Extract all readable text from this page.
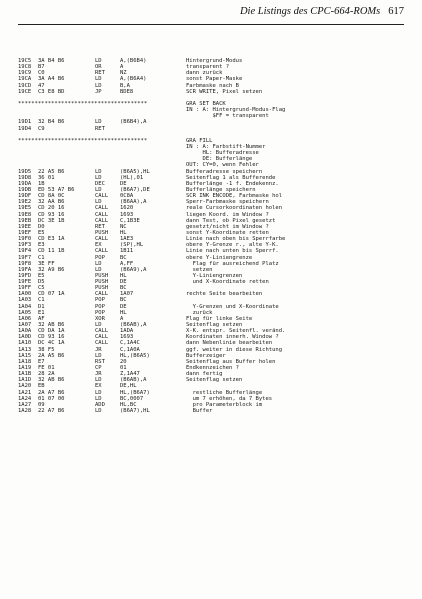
Die Listings des CPC-664-ROMs 617
19C5 3A B4 B6	LD	A,(B6B4)	Hintergrund-Modus
19C8 B7	OR	A	transparent ?
19C9 C0	RET	NZ	dann zurück
19CA 3A A4 B6	LD	A,(B6A4)	sonst Paper-Maske
19CD 47	LD	B,A	Farbmaske nach B
19CE C3 E8 BD	JP	BDE8	SCR WRITE, Pixel setzen
***************************************	GRA SET BACK
IN : A: Hintergrund-Modus-Flag
$FF = transparent
19D1 32 B4 B6	LD	(B6B4),A
19D4 C9	RET
***************************************	GRA FILL
IN : A: Farbstift-Nummer
HL: Bufferadresse
DE: Bufferlänge
OUT: CY=0, wenn Fehler
19D5 22 A5 B6	LD	(B6A5),HL	Bufferadresse speichern
19D8 36 01	LD	(HL),01	Seitenflag 1 als Bufferende
19DA 1B	DEC	DE	Bufferlänge -1 f. Endekennz.
19DB ED 53 A7 B6	LD	(B6A7),DE	Bufferlänge speichern
19DF CD 8A 0C	CALL 0C8A	SCR INK ENCODE, Farbmaske hol
19E2 32 AA B6	LD	(B6AA),A	Sperr-Farbmaske speichern
19E5 CD 20 16	CALL 1620	reale Cursorkoordinaten holen
19E8 CD 93 16	CALL 1693	liegen Koord. im Window ?
19EB DC 3E 1B	CALL C,1B3E	dann Test, ob Pixel gesetzt
19EE D0	RET	NC	gesetzt/nicht im Window ?
19EF E5	PUSH HL	sonst Y-Koordinate retten
19F0 CD E3 1A	CALL 1AE3	Linie nach oben bis Sperrfarbe
19F3 E3	EX	(SP),HL	obere Y-Grenze r., alte Y-K.
19F4 CD 11 1B	CALL 1B11	Linie nach unten bis Sperrf.
19F7 C1	POP	BC	obere Y-Liniengrenze
19F8 3E FF	LD	A,FF	Flag für ausreichend Platz
19FA 32 A9 B6	LD	(B6A9),A	setzen
19FD E5	PUSH HL	Y-Liniengrenzen
19FE D5	PUSH DE	und X-Koordinate retten
19FF C5	PUSH BC
1A00 CD 07 1A	CALL 1A07	rechte Seite bearbeiten
1A03 C1	POP	BC
1A04 D1	POP	DE	Y-Grenzen und X-Koordinate
1A05 E1	POP	HL	zurück
1A06 AF	XOR	A	Flag für linke Seite
1A07 32 AB B6	LD	(B6AB),A	Seitenflag setzen
1A0A CD DA 1A	CALL 1ADA	X-K. entspr. Seitenfl. veränd.
1A0D CD 93 16	CALL 1693	Koordinaten innerh. Window ?
1A10 DC 4C 1A	CALL C,1A4C	dann Nebenlinie bearbeiten
1A13 38 F5	JR	C,1A0A	ggf. weiter in diese Richtung
1A15 2A A5 B6	LD	HL,(B6A5)	Bufferzeiger
1A18 E7	RST	20	Seitenflag aus Buffer holen
1A19 FE 01	CP	01	Endkennzeichen ?
1A1B 28 2A	JR	Z,1A47	dann fertig
1A1D 32 AB B6	LD	(B6AB),A	Seitenflag setzen
1A20 EB	EX	DE,HL
1A21 2A A7 B6	LD	HL,(B6A7)	restliche Bufferlänge
1A24 01 07 00	LD	BC,0007	um 7 erhöhen, da 7 Bytes
1A27 09	ADD	HL,BC	pro Parameterblock im
1A28 22 A7 B6	LD	(B6A7),HL	Buffer
